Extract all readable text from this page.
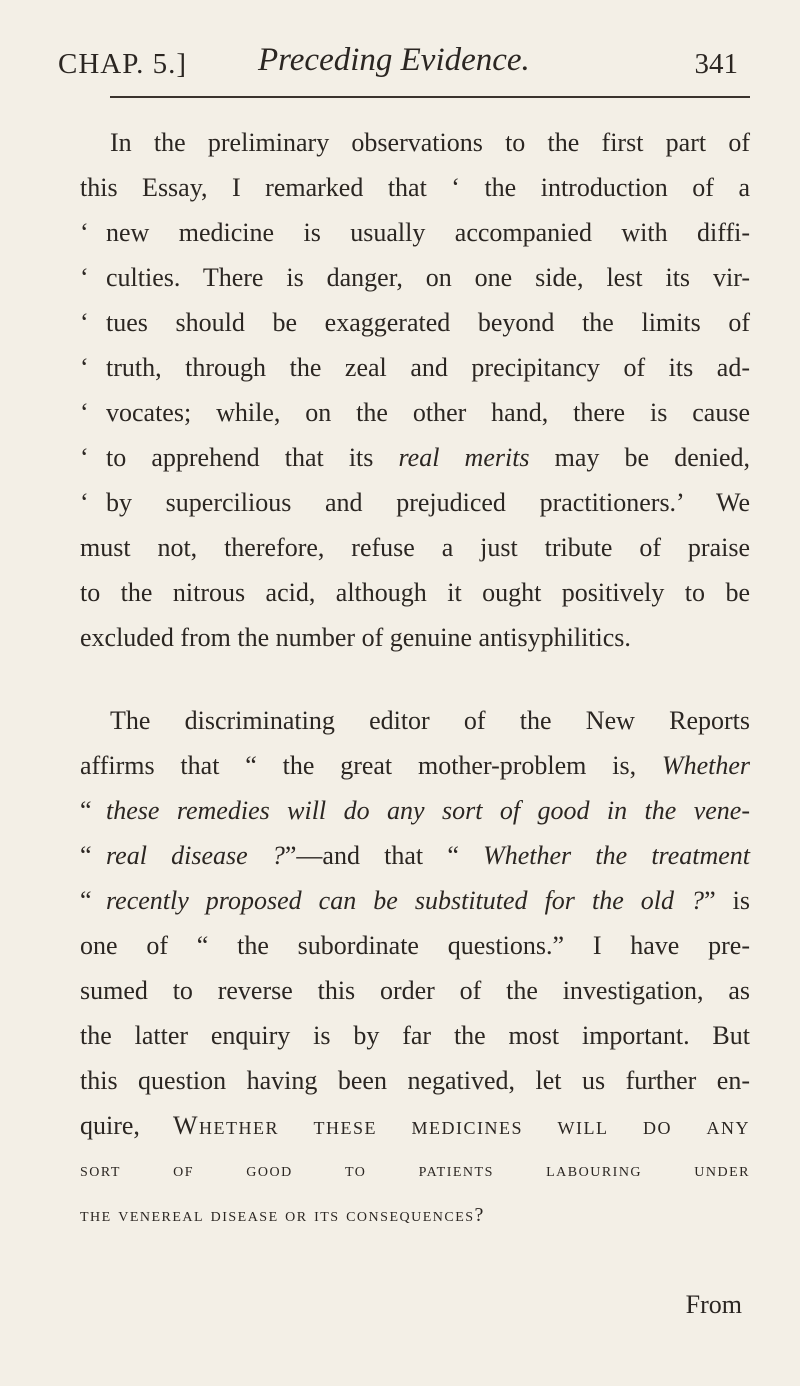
CHAP. 5.] Preceding Evidence.	341
In the preliminary observations to the first part of
this Essay, I remarked that ‘ the introduction of a
‘ new medicine is usually accompanied with diffi-
‘ culties. There is danger, on one side, lest its vir-
‘ tues should be exaggerated beyond the limits of
‘ truth, through the zeal and precipitancy of its ad-
‘ vocates; while, on the other hand, there is cause
‘ to apprehend that its real merits may be denied,
‘ by supercilious and prejudiced practitioners.’ We
must not, therefore, refuse a just tribute of praise
to the nitrous acid, although it ought positively to be
excluded from the number of genuine antisyphilitics.
The discriminating editor of the New Reports
affirms that “ the great mother-problem is, Whether
“ these remedies will do any sort of good in the vene-
“ real disease ?”—and that “ Whether the treatment
“ recently proposed can be substituted for the old ?” is
one of “ the subordinate questions.” I have pre-
sumed to reverse this order of the investigation, as
the latter enquiry is by far the most important. But
this question having been negatived, let us further en-
quire, Whether these medicines will do any
sort of good to patients labouring under
the venereal disease or its consequences?
From
